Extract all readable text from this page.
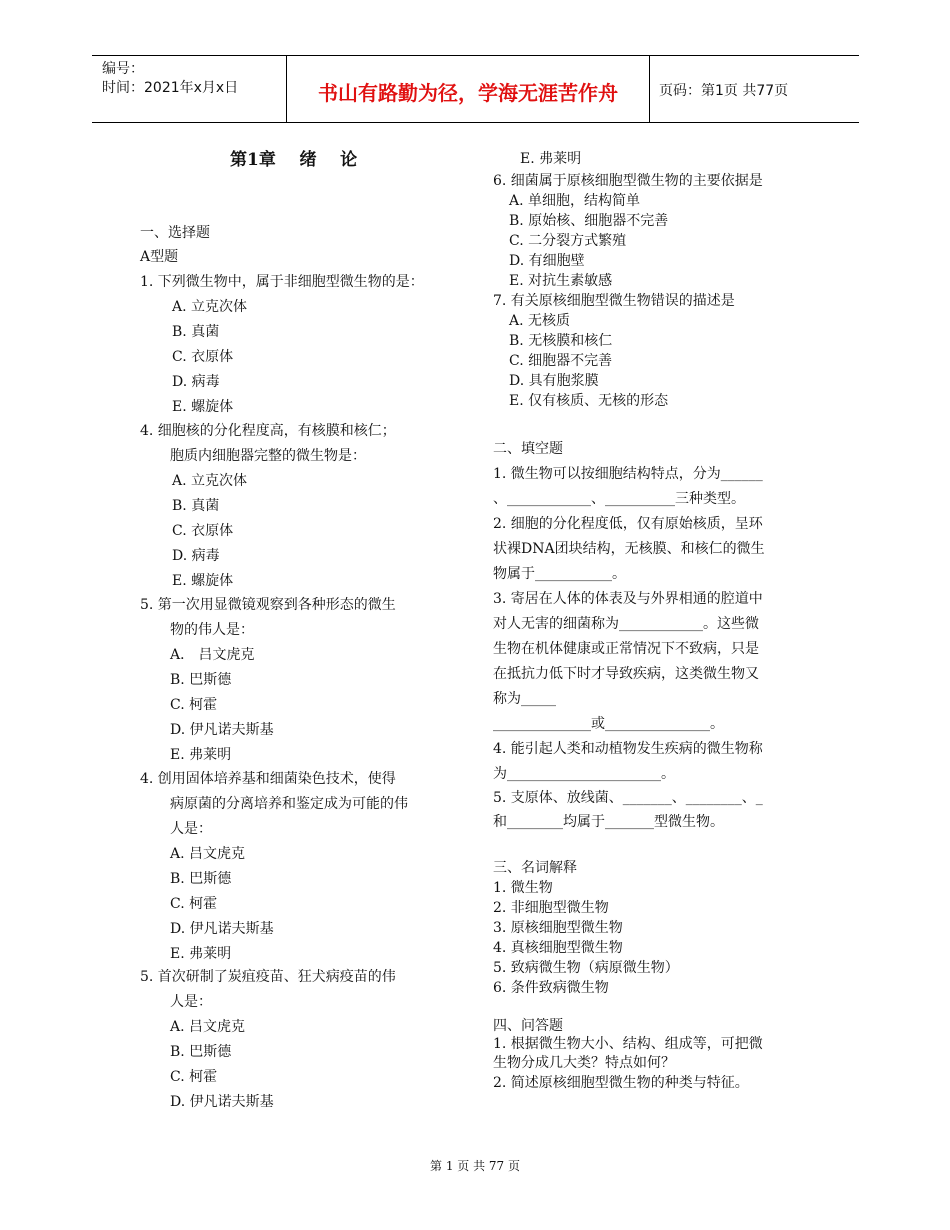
编号：
时间：2021年x月x日	书山有路勤为径，学海无涯苦作舟	页码：第1页 共77页
第1章    绪    论
一、选择题
A型题
1. 下列微生物中，属于非细胞型微生物的是：
A. 立克次体
B. 真菌
C. 衣原体
D. 病毒
E. 螺旋体
4. 细胞核的分化程度高，有核膜和核仁；
胞质内细胞器完整的微生物是：
A. 立克次体
B. 真菌
C. 衣原体
D. 病毒
E. 螺旋体
5. 第一次用显微镜观察到各种形态的微生
物的伟人是：
A． 吕文虎克
B. 巴斯德
C. 柯霍
D. 伊凡诺夫斯基
E. 弗莱明
4. 创用固体培养基和细菌染色技术，使得
病原菌的分离培养和鉴定成为可能的伟
人是：
A. 吕文虎克
B. 巴斯德
C. 柯霍
D. 伊凡诺夫斯基
E. 弗莱明
5. 首次研制了炭疽疫苗、狂犬病疫苗的伟
人是：
A. 吕文虎克
B. 巴斯德
C. 柯霍
D. 伊凡诺夫斯基
E. 弗莱明
6. 细菌属于原核细胞型微生物的主要依据是
A. 单细胞，结构简单
B. 原始核、细胞器不完善
C. 二分裂方式繁殖
D. 有细胞壁
E. 对抗生素敏感
7. 有关原核细胞型微生物错误的描述是
A. 无核质
B. 无核膜和核仁
C. 细胞器不完善
D. 具有胞浆膜
E. 仅有核质、无核的形态
二、填空题
1. 微生物可以按细胞结构特点，分为______
、____________、__________三种类型。
2. 细胞的分化程度低，仅有原始核质，呈环
状裸DNA团块结构，无核膜、和核仁的微生
物属于___________。
3. 寄居在人体的体表及与外界相通的腔道中
对人无害的细菌称为____________。这些微
生物在机体健康或正常情况下不致病，只是
在抵抗力低下时才导致疾病，这类微生物又
称为_____
______________或_______________。
4. 能引起人类和动植物发生疾病的微生物称
为______________________。
5. 支原体、放线菌、_______、________、_
和________均属于_______型微生物。
三、名词解释
1. 微生物
2. 非细胞型微生物
3. 原核细胞型微生物
4. 真核细胞型微生物
5. 致病微生物（病原微生物）
6. 条件致病微生物
四、问答题
1. 根据微生物大小、结构、组成等，可把微
生物分成几大类？特点如何？
2. 简述原核细胞型微生物的种类与特征。
第 1 页 共 77 页
